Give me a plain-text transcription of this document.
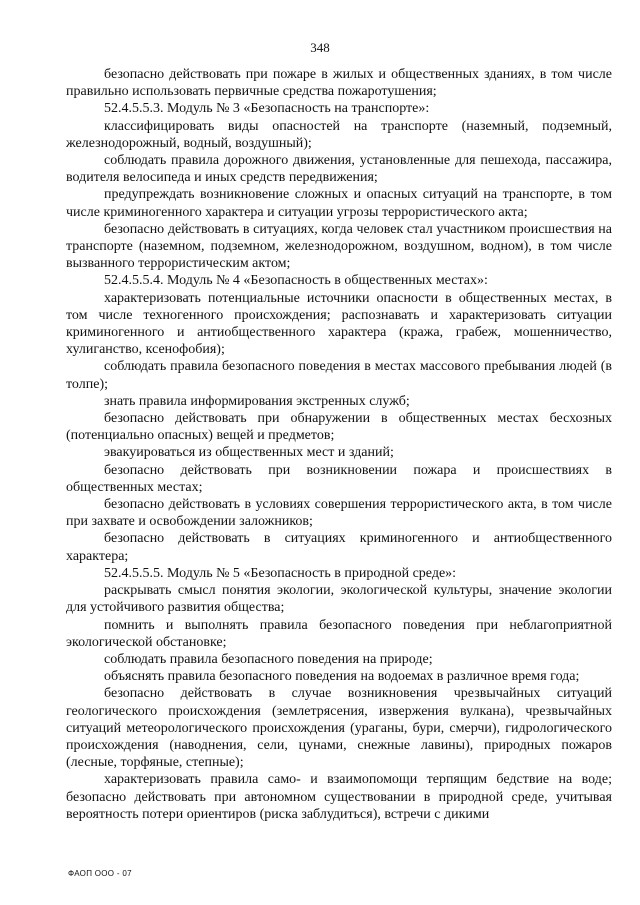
348

безопасно действовать при пожаре в жилых и общественных зданиях, в том числе правильно использовать первичные средства пожаротушения;

52.4.5.5.3. Модуль № 3 «Безопасность на транспорте»:

классифицировать виды опасностей на транспорте (наземный, подземный, железнодорожный, водный, воздушный);

соблюдать правила дорожного движения, установленные для пешехода, пассажира, водителя велосипеда и иных средств передвижения;

предупреждать возникновение сложных и опасных ситуаций на транспорте, в том числе криминогенного характера и ситуации угрозы террористического акта;

безопасно действовать в ситуациях, когда человек стал участником происшествия на транспорте (наземном, подземном, железнодорожном, воздушном, водном), в том числе вызванного террористическим актом;

52.4.5.5.4. Модуль № 4 «Безопасность в общественных местах»:

характеризовать потенциальные источники опасности в общественных местах, в том числе техногенного происхождения; распознавать и характеризовать ситуации криминогенного и антиобщественного характера (кража, грабеж, мошенничество, хулиганство, ксенофобия);

соблюдать правила безопасного поведения в местах массового пребывания людей (в толпе);

знать правила информирования экстренных служб;

безопасно действовать при обнаружении в общественных местах бесхозных (потенциально опасных) вещей и предметов;

эвакуироваться из общественных мест и зданий;

безопасно действовать при возникновении пожара и происшествиях в общественных местах;

безопасно действовать в условиях совершения террористического акта, в том числе при захвате и освобождении заложников;

безопасно действовать в ситуациях криминогенного и антиобщественного характера;

52.4.5.5.5. Модуль № 5 «Безопасность в природной среде»:

раскрывать смысл понятия экологии, экологической культуры, значение экологии для устойчивого развития общества;

помнить и выполнять правила безопасного поведения при неблагоприятной экологической обстановке;

соблюдать правила безопасного поведения на природе;

объяснять правила безопасного поведения на водоемах в различное время года;

безопасно действовать в случае возникновения чрезвычайных ситуаций геологического происхождения (землетрясения, извержения вулкана), чрезвычайных ситуаций метеорологического происхождения (ураганы, бури, смерчи), гидрологического происхождения (наводнения, сели, цунами, снежные лавины), природных пожаров (лесные, торфяные, степные);

характеризовать правила само- и взаимопомощи терпящим бедствие на воде; безопасно действовать при автономном существовании в природной среде, учитывая вероятность потери ориентиров (риска заблудиться), встречи с дикими

ФАОП ООО - 07
